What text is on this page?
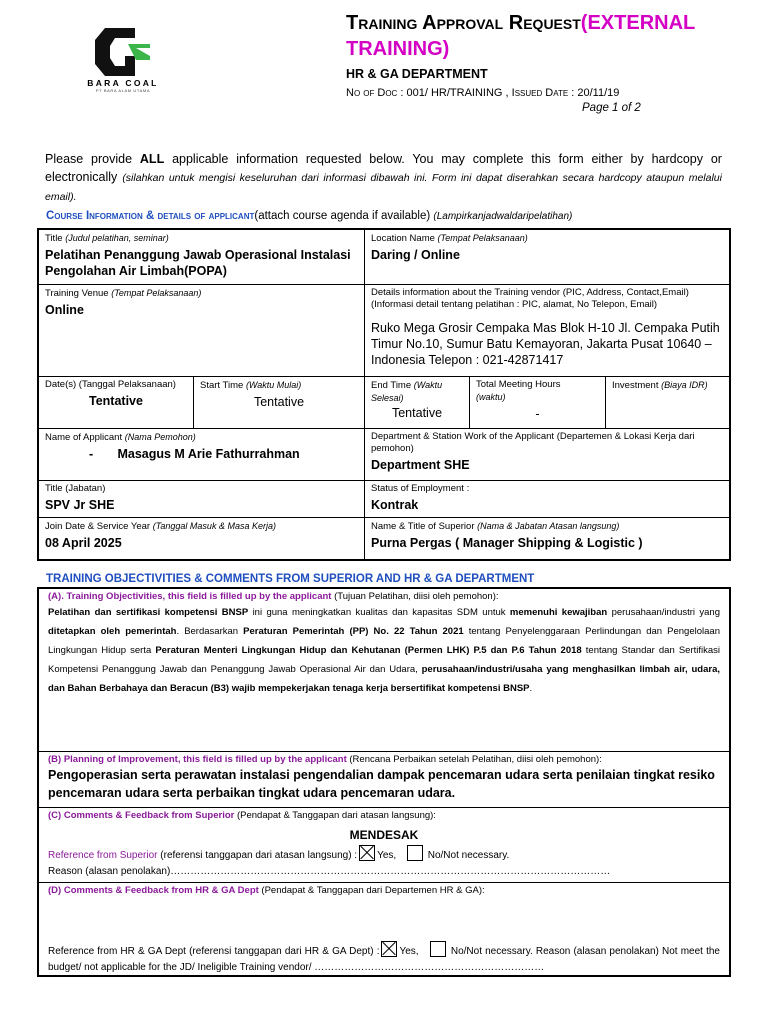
BARA COAL
PT BARA ALAM UTAMA
Training Approval Request(EXTERNAL TRAINING)
HR & GA DEPARTMENT
No of Doc : 001/ HR/TRAINING , Issued Date : 20/11/19
Page 1 of 2
Please provide ALL applicable information requested below. You may complete this form either by hardcopy or electronically (silahkan untuk mengisi keseluruhan dari informasi dibawah ini. Form ini dapat diserahkan secara hardcopy ataupun melalui email).
Course Information & details of applicant(attach course agenda if available) (Lampirkanjadwaldaripelatihan)
Title (Judul pelatihan, seminar)
Pelatihan Penanggung Jawab Operasional Instalasi Pengolahan Air Limbah(POPA)
Location Name (Tempat Pelaksanaan)
Daring / Online
Training Venue (Tempat Pelaksanaan)
Online
Details information about the Training vendor (PIC, Address, Contact,Email)
(Informasi detail tentang pelatihan : PIC, alamat, No Telepon, Email)
Ruko Mega Grosir Cempaka Mas Blok H-10 Jl. Cempaka Putih Timur No.10, Sumur Batu Kemayoran, Jakarta Pusat 10640 – Indonesia Telepon : 021-42871417
Date(s) (Tanggal Pelaksanaan)
Tentative
Start Time (Waktu Mulai)
Tentative
End Time (Waktu Selesai)
Tentative
Total Meeting Hours
(waktu)
-
Investment (Biaya IDR)
Name of Applicant (Nama Pemohon)
-       Masagus M Arie Fathurrahman
Department & Station Work of the Applicant (Departemen & Lokasi Kerja dari pemohon)
Department SHE
Title (Jabatan)
SPV Jr SHE
Status of Employment :
Kontrak
Join Date & Service Year (Tanggal Masuk & Masa Kerja)
08 April 2025
Name & Title of Superior (Nama & Jabatan Atasan langsung)
Purna Pergas ( Manager Shipping & Logistic )
TRAINING OBJECTIVITIES & COMMENTS FROM SUPERIOR AND HR & GA DEPARTMENT
(A). Training Objectivities, this field is filled up by the applicant (Tujuan Pelatihan, diisi oleh pemohon):
Pelatihan dan sertifikasi kompetensi BNSP ini guna meningkatkan kualitas dan kapasitas SDM untuk memenuhi kewajiban perusahaan/industri yang ditetapkan oleh pemerintah. Berdasarkan Peraturan Pemerintah (PP) No. 22 Tahun 2021 tentang Penyelenggaraan Perlindungan dan Pengelolaan Lingkungan Hidup serta Peraturan Menteri Lingkungan Hidup dan Kehutanan (Permen LHK) P.5 dan P.6 Tahun 2018 tentang Standar dan Sertifikasi Kompetensi Penanggung Jawab dan Penanggung Jawab Operasional Air dan Udara, perusahaan/industri/usaha yang menghasilkan limbah air, udara, dan Bahan Berbahaya dan Beracun (B3) wajib mempekerjakan tenaga kerja bersertifikat kompetensi BNSP.
(B) Planning of Improvement, this field is filled up by the applicant (Rencana Perbaikan setelah Pelatihan, diisi oleh pemohon):
Pengoperasian serta perawatan instalasi pengendalian dampak pencemaran udara serta penilaian tingkat resiko pencemaran udara serta perbaikan tingkat udara pencemaran udara.
(C) Comments & Feedback from Superior (Pendapat & Tanggapan dari atasan langsung):
MENDESAK
Reference from Superior (referensi tanggapan dari atasan langsung) : Yes,	No/Not necessary.
Reason (alasan penolakan)……………………………………………………………………………………………………………………
(D) Comments & Feedback from HR & GA Dept (Pendapat & Tanggapan dari Departemen HR & GA):
Reference from HR & GA Dept (referensi tanggapan dari HR & GA Dept) : Yes,	No/Not necessary. Reason (alasan penolakan) Not meet the budget/ not applicable for the JD/ Ineligible Training vendor/ ……………………………………………………………
